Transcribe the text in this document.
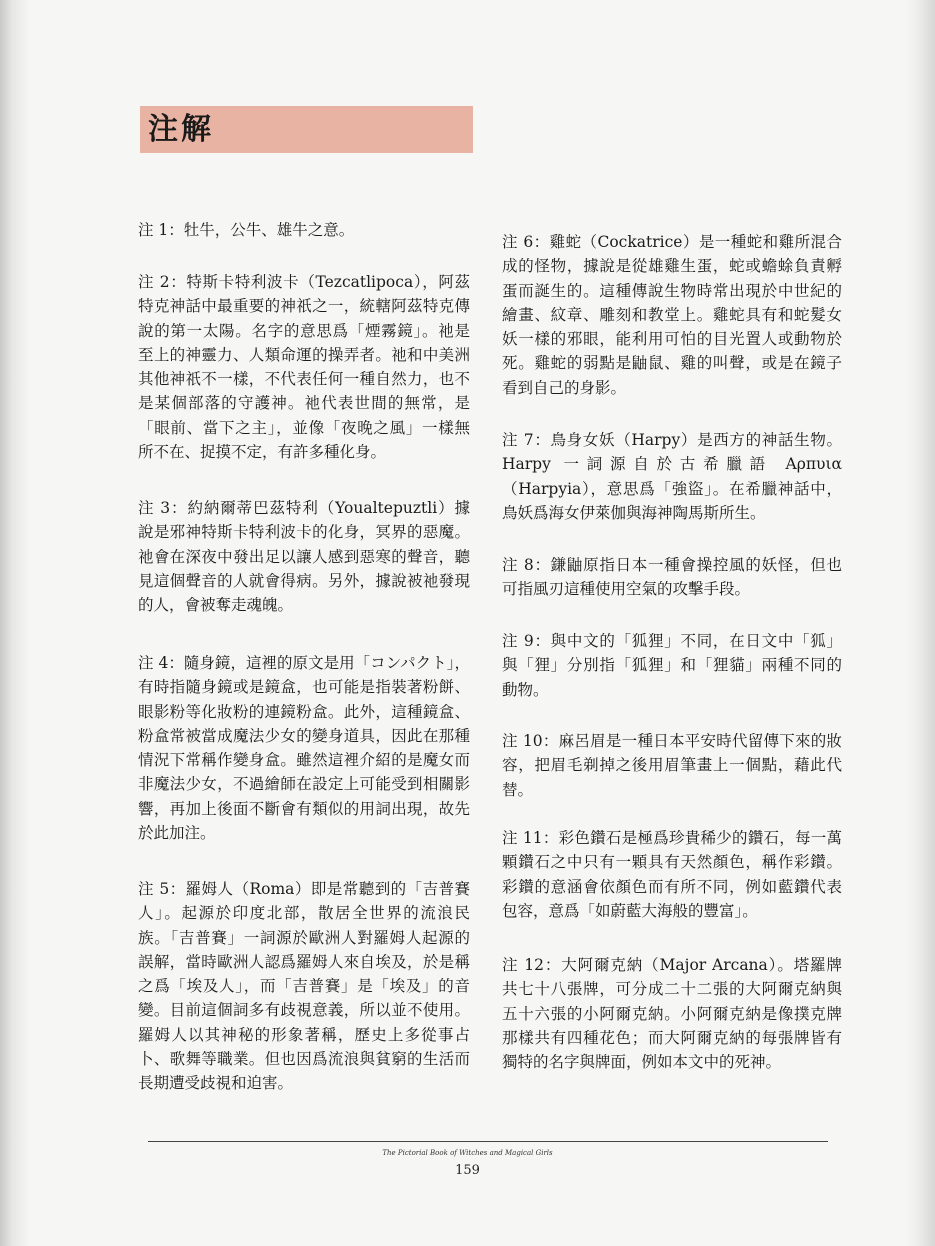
注解

注 1：牡牛，公牛、雄牛之意。

注 2：特斯卡特利波卡（Tezcatlipoca），阿茲特克神話中最重要的神祇之一，統轄阿茲特克傳說的第一太陽。名字的意思爲「煙霧鏡」。祂是至上的神靈力、人類命運的操弄者。祂和中美洲其他神祇不一樣，不代表任何一種自然力，也不是某個部落的守護神。祂代表世間的無常，是「眼前、當下之主」，並像「夜晚之風」一樣無所不在、捉摸不定，有許多種化身。

注 3：約納爾蒂巴茲特利（Youaltepuztli）據說是邪神特斯卡特利波卡的化身，冥界的惡魔。祂會在深夜中發出足以讓人感到惡寒的聲音，聽見這個聲音的人就會得病。另外，據說被祂發現的人，會被奪走魂魄。

注 4：隨身鏡，這裡的原文是用「コンパクト」，有時指隨身鏡或是鏡盒，也可能是指裝著粉餅、眼影粉等化妝粉的連鏡粉盒。此外，這種鏡盒、粉盒常被當成魔法少女的變身道具，因此在那種情況下常稱作變身盒。雖然這裡介紹的是魔女而非魔法少女，不過繪師在設定上可能受到相關影響，再加上後面不斷會有類似的用詞出現，故先於此加注。

注 5：羅姆人（Roma）即是常聽到的「吉普賽人」。起源於印度北部，散居全世界的流浪民族。「吉普賽」一詞源於歐洲人對羅姆人起源的誤解，當時歐洲人認爲羅姆人來自埃及，於是稱之爲「埃及人」，而「吉普賽」是「埃及」的音變。目前這個詞多有歧視意義，所以並不使用。羅姆人以其神秘的形象著稱，歷史上多從事占卜、歌舞等職業。但也因爲流浪與貧窮的生活而長期遭受歧視和迫害。

注 6：雞蛇（Cockatrice）是一種蛇和雞所混合成的怪物，據說是從雄雞生蛋，蛇或蟾蜍負責孵蛋而誕生的。這種傳說生物時常出現於中世紀的繪畫、紋章、雕刻和教堂上。雞蛇具有和蛇髮女妖一樣的邪眼，能利用可怕的目光置人或動物於死。雞蛇的弱點是鼬鼠、雞的叫聲，或是在鏡子看到自己的身影。

注 7：鳥身女妖（Harpy）是西方的神話生物。Harpy 一詞源自於古希臘語 Αρπυια（Harpyia），意思爲「強盜」。在希臘神話中，鳥妖爲海女伊萊伽與海神陶馬斯所生。

注 8：鎌鼬原指日本一種會操控風的妖怪，但也可指風刃這種使用空氣的攻擊手段。

注 9：與中文的「狐狸」不同，在日文中「狐」與「狸」分別指「狐狸」和「狸貓」兩種不同的動物。

注 10：麻呂眉是一種日本平安時代留傳下來的妝容，把眉毛剃掉之後用眉筆畫上一個點，藉此代替。

注 11：彩色鑽石是極爲珍貴稀少的鑽石，每一萬顆鑽石之中只有一顆具有天然顏色，稱作彩鑽。彩鑽的意涵會依顏色而有所不同，例如藍鑽代表包容，意爲「如蔚藍大海般的豐富」。

注 12：大阿爾克納（Major Arcana）。塔羅牌共七十八張牌，可分成二十二張的大阿爾克納與五十六張的小阿爾克納。小阿爾克納是像撲克牌那樣共有四種花色；而大阿爾克納的每張牌皆有獨特的名字與牌面，例如本文中的死神。

The Pictorial Book of Witches and Magical Girls
159
